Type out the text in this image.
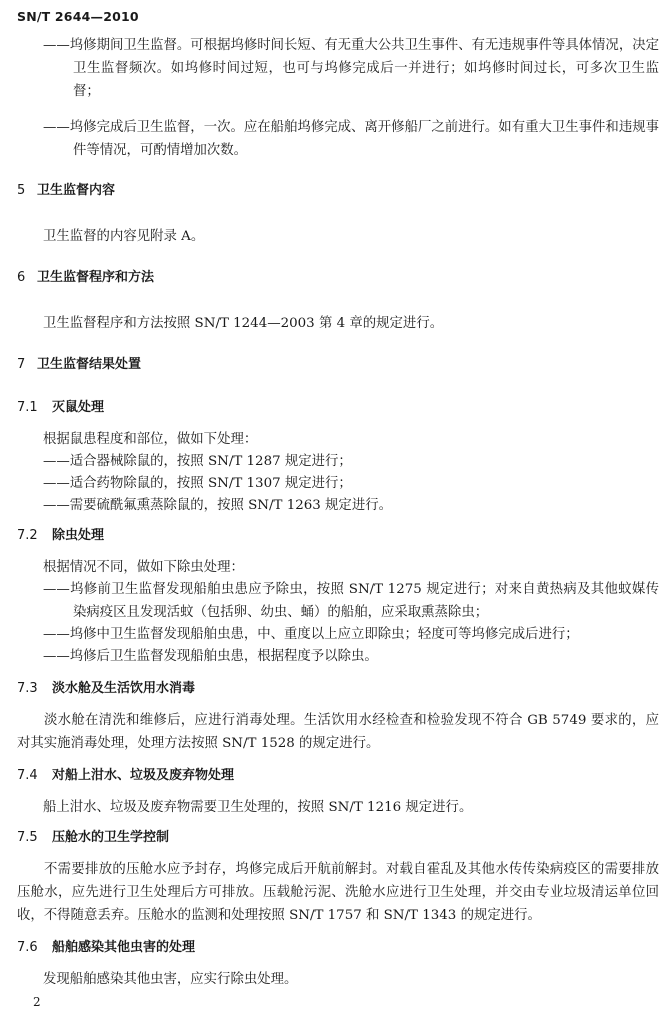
SN/T 2644—2010
——坞修期间卫生监督。可根据坞修时间长短、有无重大公共卫生事件、有无违规事件等具体情况，决定卫生监督频次。如坞修时间过短，也可与坞修完成后一并进行；如坞修时间过长，可多次卫生监督；
——坞修完成后卫生监督，一次。应在船舶坞修完成、离开修船厂之前进行。如有重大卫生事件和违规事件等情况，可酌情增加次数。
5 卫生监督内容
卫生监督的内容见附录 A。
6 卫生监督程序和方法
卫生监督程序和方法按照 SN/T 1244—2003 第 4 章的规定进行。
7 卫生监督结果处置
7.1 灭鼠处理
根据鼠患程度和部位，做如下处理：
——适合器械除鼠的，按照 SN/T 1287 规定进行；
——适合药物除鼠的，按照 SN/T 1307 规定进行；
——需要硫酰氟熏蒸除鼠的，按照 SN/T 1263 规定进行。
7.2 除虫处理
根据情况不同，做如下除虫处理：
——坞修前卫生监督发现船舶虫患应予除虫，按照 SN/T 1275 规定进行；对来自黄热病及其他蚊媒传染病疫区且发现活蚊（包括卵、幼虫、蛹）的船舶，应采取熏蒸除虫；
——坞修中卫生监督发现船舶虫患，中、重度以上应立即除虫；轻度可等坞修完成后进行；
——坞修后卫生监督发现船舶虫患，根据程度予以除虫。
7.3 淡水舱及生活饮用水消毒
淡水舱在清洗和维修后，应进行消毒处理。生活饮用水经检查和检验发现不符合 GB 5749 要求的，应对其实施消毒处理，处理方法按照 SN/T 1528 的规定进行。
7.4 对船上泔水、垃圾及废弃物处理
船上泔水、垃圾及废弃物需要卫生处理的，按照 SN/T 1216 规定进行。
7.5 压舱水的卫生学控制
不需要排放的压舱水应予封存，坞修完成后开航前解封。对载自霍乱及其他水传传染病疫区的需要排放压舱水，应先进行卫生处理后方可排放。压载舱污泥、洗舱水应进行卫生处理，并交由专业垃圾清运单位回收，不得随意丢弃。压舱水的监测和处理按照 SN/T 1757 和 SN/T 1343 的规定进行。
7.6 船舶感染其他虫害的处理
发现船舶感染其他虫害，应实行除虫处理。
2
